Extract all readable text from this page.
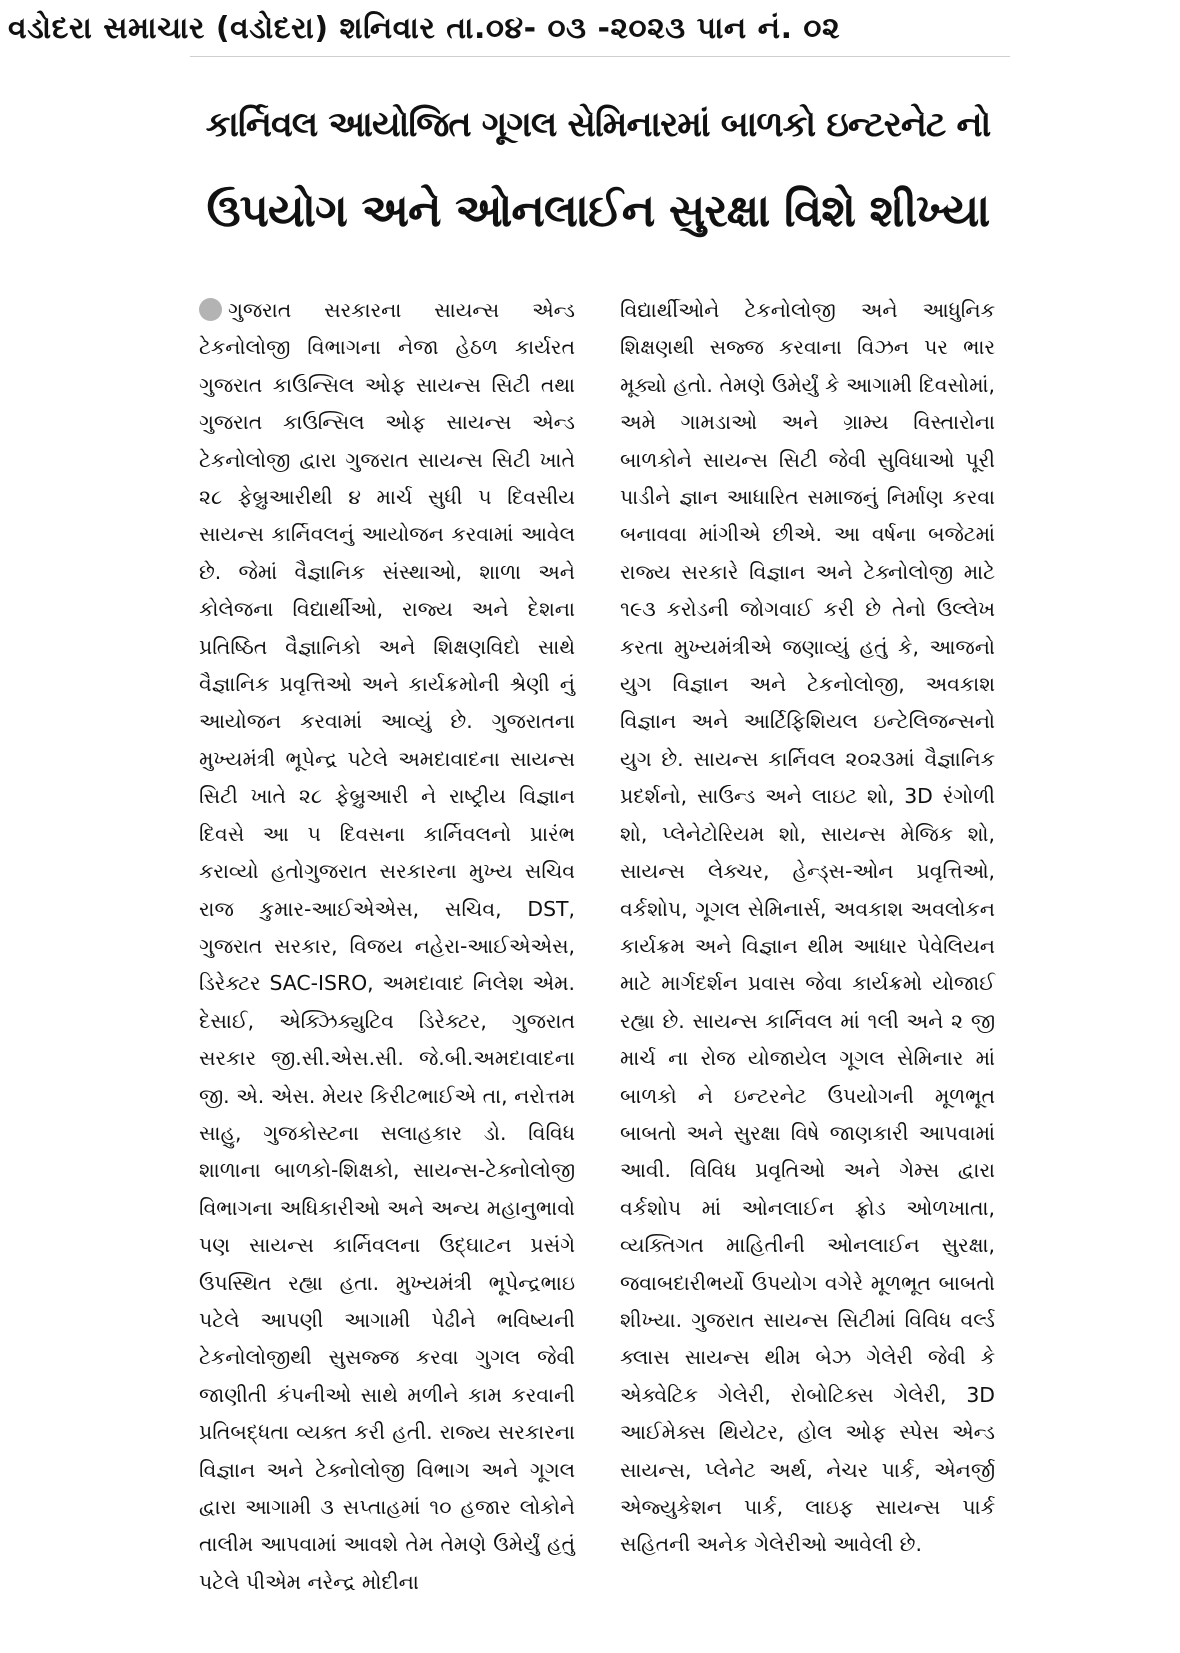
વડોદરા સમાચાર (વડોદરા) શનિવાર તા.૦૪- ૦૩ -૨૦૨૩ પાન નં. ૦૨
કાર્નિવલ આયોજિત ગૂગલ સેમિનારમાં બાળકો ઇન્ટરનેટ નો
ઉપયોગ અને ઓનલાઈન સુરક્ષા વિશે શીખ્યા

ગુજરાત સરકારના સાયન્સ એન્ડ ટેકનોલોજી વિભાગના નેજા હેઠળ કાર્યરત ગુજરાત કાઉન્સિલ ઓફ સાયન્સ સિટી તથા ગુજરાત કાઉન્સિલ ઓફ સાયન્સ એન્ડ ટેકનોલોજી દ્વારા ગુજરાત સાયન્સ સિટી ખાતે ૨૮ ફેબ્રુઆરીથી ૪ માર્ચ સુધી ૫ દિવસીય સાયન્સ કાર્નિવલનું આયોજન કરવામાં આવેલ છે. જેમાં વૈજ્ઞાનિક સંસ્થાઓ, શાળા અને કોલેજના વિદ્યાર્થીઓ, રાજ્ય અને દેશના પ્રતિષ્ઠિત વૈજ્ઞાનિકો અને શિક્ષણવિદો સાથે વૈજ્ઞાનિક પ્રવૃત્તિઓ અને કાર્યક્રમોની શ્રેણી નું આયોજન કરવામાં આવ્યું છે. ગુજરાતના મુખ્યમંત્રી ભૂપેન્દ્ર પટેલે અમદાવાદના સાયન્સ સિટી ખાતે ૨૮ ફેબ્રુઆરી ને રાષ્ટ્રીય વિજ્ઞાન દિવસે આ ૫ દિવસના કાર્નિવલનો પ્રારંભ કરાવ્યો હતોગુજરાત સરકારના મુખ્ય સચિવ રાજ કુમાર-આઈએએસ, સચિવ, DST, ગુજરાત સરકાર, વિજય નહેરા-આઈએએસ, ડિરેક્ટર SAC-ISRO, અમદાવાદ નિલેશ એમ. દેસાઈ, એક્ઝિક્યુટિવ ડિરેક્ટર, ગુજરાત સરકાર જી.સી.એસ.સી. જે.બી.અમદાવાદના જી. એ. એસ. મેયર કિરીટભાઈએ તા, નરોત્તમ સાહુ, ગુજકોસ્ટના સલાહકાર ડો. વિવિધ શાળાના બાળકો-શિક્ષકો, સાયન્સ-ટેક્નોલોજી વિભાગના અધિકારીઓ અને અન્ય મહાનુભાવો પણ સાયન્સ કાર્નિવલના ઉદ્ઘાટન પ્રસંગે ઉપસ્થિત રહ્યા હતા. મુખ્યમંત્રી ભૂપેન્દ્રભાઇ પટેલે આપણી આગામી પેઢીને ભવિષ્યની ટેકનોલોજીથી સુસજ્જ કરવા ગુગલ જેવી જાણીતી કંપનીઓ સાથે મળીને કામ કરવાની પ્રતિબદ્ધતા વ્યક્ત કરી હતી. રાજ્ય સરકારના વિજ્ઞાન અને ટેક્નોલોજી વિભાગ અને ગૂગલ દ્વારા આગામી ૩ સપ્તાહમાં ૧૦ હજાર લોકોને તાલીમ આપવામાં આવશે તેમ તેમણે ઉમેર્યું હતું પટેલે પીએમ નરેન્દ્ર મોદીના

વિદ્યાર્થીઓને ટેકનોલોજી અને આધુનિક શિક્ષણથી સજ્જ કરવાના વિઝન પર ભાર મૂક્યો હતો. તેમણે ઉમેર્યું કે આગામી દિવસોમાં, અમે ગામડાઓ અને ગ્રામ્ય વિસ્તારોના બાળકોને સાયન્સ સિટી જેવી સુવિધાઓ પૂરી પાડીને જ્ઞાન આધારિત સમાજનું નિર્માણ કરવા બનાવવા માંગીએ છીએ. આ વર્ષના બજેટમાં રાજ્ય સરકારે વિજ્ઞાન અને ટેક્નોલોજી માટે ૧૯૩ કરોડની જોગવાઈ કરી છે તેનો ઉલ્લેખ કરતા મુખ્યમંત્રીએ જણાવ્યું હતું કે, આજનો યુગ વિજ્ઞાન અને ટેકનોલોજી, અવકાશ વિજ્ઞાન અને આર્ટિફિશિયલ ઇન્ટેલિજન્સનો યુગ છે. સાયન્સ કાર્નિવલ ૨૦૨૩માં વૈજ્ઞાનિક પ્રદર્શનો, સાઉન્ડ અને લાઇટ શો, 3D રંગોળી શો, પ્લેનેટોરિયમ શો, સાયન્સ મેજિક શો, સાયન્સ લેક્ચર, હેન્ડ્સ-ઓન પ્રવૃત્તિઓ, વર્કશોપ, ગૂગલ સેમિનાર્સ, અવકાશ અવલોકન કાર્યક્રમ અને વિજ્ઞાન થીમ આધાર પેવેલિયન માટે માર્ગદર્શન પ્રવાસ જેવા કાર્યક્રમો યોજાઈ રહ્યા છે. સાયન્સ કાર્નિવલ માં ૧લી અને ૨ જી માર્ચ ના રોજ યોજાયેલ ગૂગલ સેમિનાર માં બાળકો ને ઇન્ટરનેટ ઉપયોગની મૂળભૂત બાબતો અને સુરક્ષા વિષે જાણકારી આપવામાં આવી. વિવિધ પ્રવૃતિઓ અને ગેમ્સ દ્વારા વર્કશોપ માં ઓનલાઈન ફ્રોડ ઓળખાતા, વ્યક્તિગત માહિતીની ઓનલાઈન સુરક્ષા, જવાબદારીભર્યો ઉપયોગ વગેરે મૂળભૂત બાબતો શીખ્યા. ગુજરાત સાયન્સ સિટીમાં વિવિધ વર્લ્ડ ક્લાસ સાયન્સ થીમ બેઝ ગેલેરી જેવી કે એક્વેટિક ગેલેરી, રોબોટિક્સ ગેલેરી, 3D આઈમેક્સ થિયેટર, હોલ ઓફ સ્પેસ એન્ડ સાયન્સ, પ્લેનેટ અર્થ, નેચર પાર્ક, એનર્જી એજ્યુકેશન પાર્ક, લાઇફ સાયન્સ પાર્ક સહિતની અનેક ગેલેરીઓ આવેલી છે.
